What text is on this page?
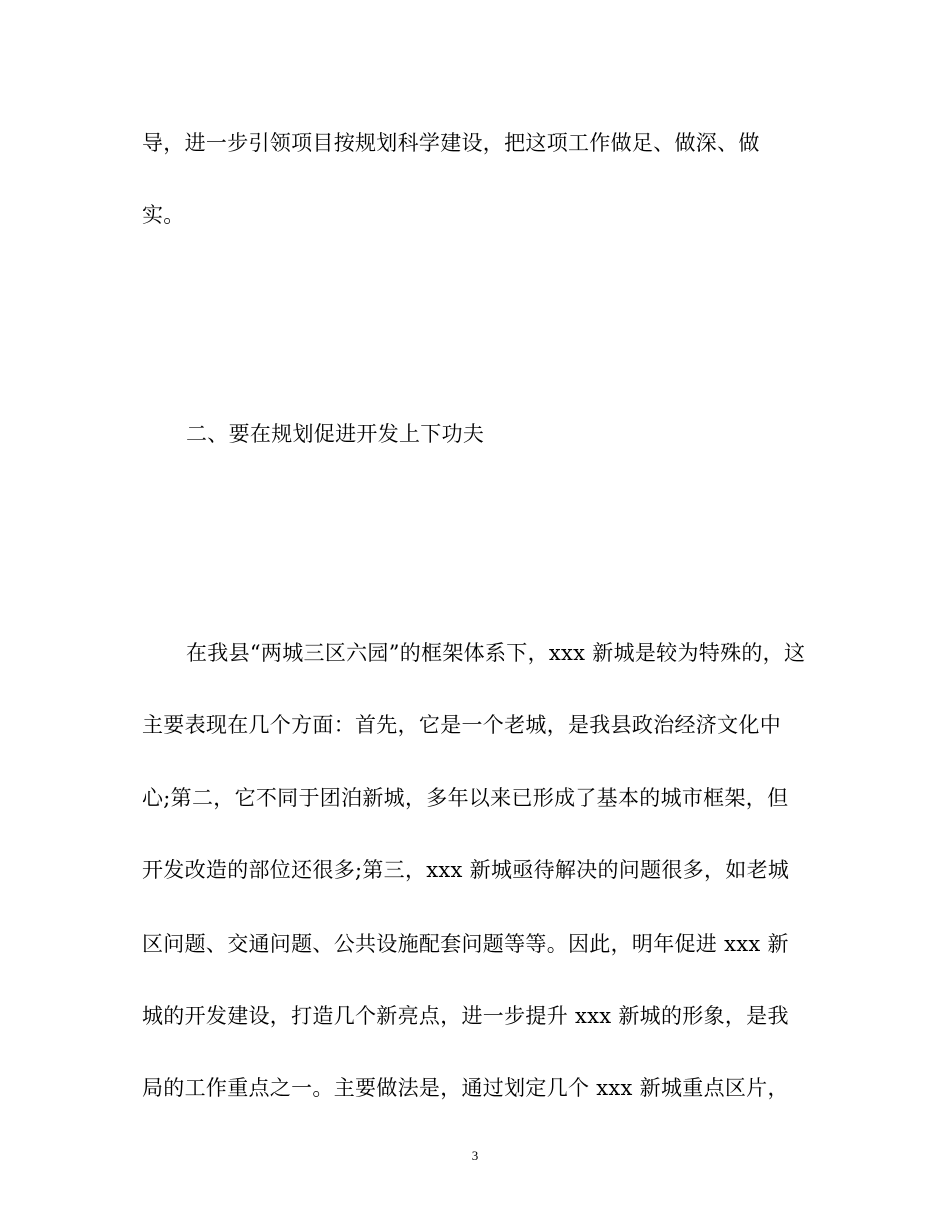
导，进一步引领项目按规划科学建设，把这项工作做足、做深、做
实。
二、要在规划促进开发上下功夫
在我县“两城三区六园”的框架体系下，xxx 新城是较为特殊的，这
主要表现在几个方面：首先，它是一个老城，是我县政治经济文化中
心;第二，它不同于团泊新城，多年以来已形成了基本的城市框架，但
开发改造的部位还很多;第三，xxx 新城亟待解决的问题很多，如老城
区问题、交通问题、公共设施配套问题等等。因此，明年促进 xxx 新
城的开发建设，打造几个新亮点，进一步提升 xxx 新城的形象，是我
局的工作重点之一。主要做法是，通过划定几个 xxx 新城重点区片，
3
